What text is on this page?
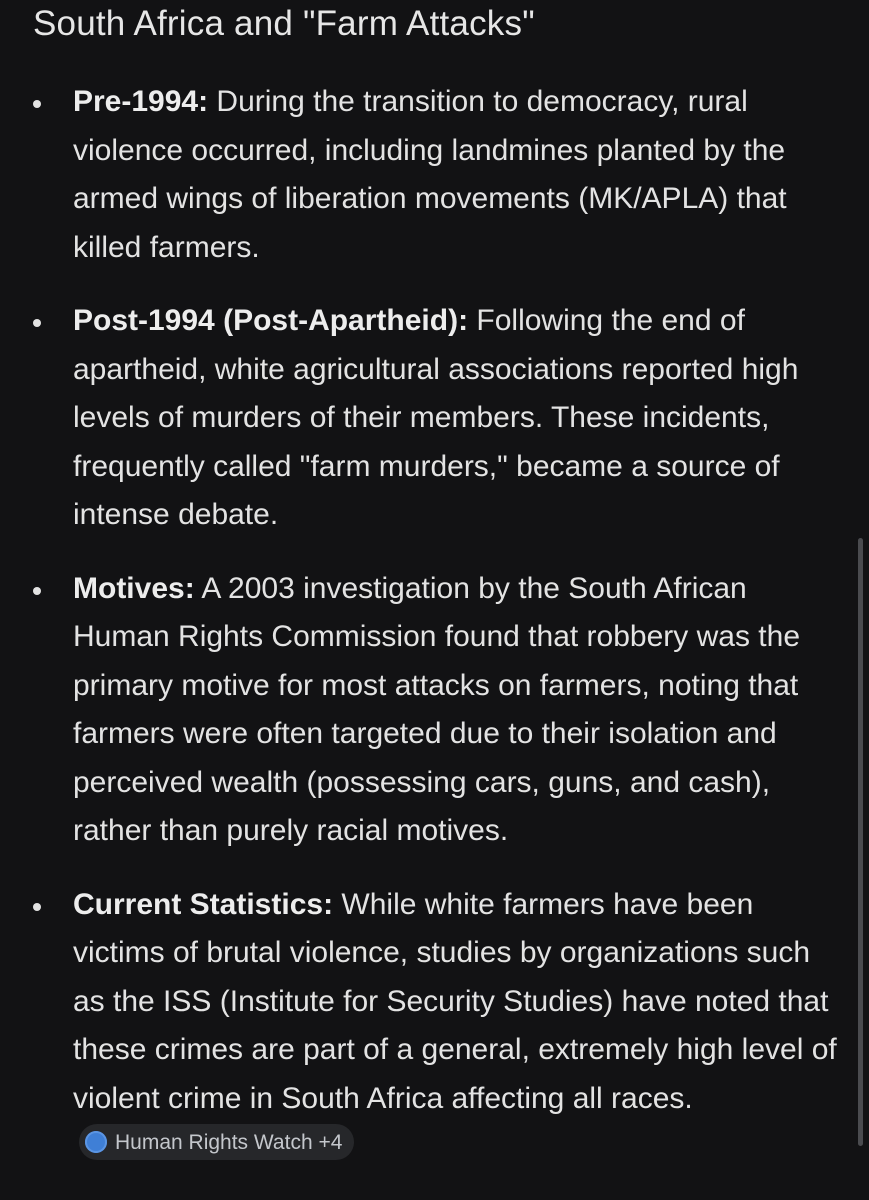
South Africa and "Farm Attacks"
Pre-1994: During the transition to democracy, rural violence occurred, including landmines planted by the armed wings of liberation movements (MK/APLA) that killed farmers.
Post-1994 (Post-Apartheid): Following the end of apartheid, white agricultural associations reported high levels of murders of their members. These incidents, frequently called "farm murders," became a source of intense debate.
Motives: A 2003 investigation by the South African Human Rights Commission found that robbery was the primary motive for most attacks on farmers, noting that farmers were often targeted due to their isolation and perceived wealth (possessing cars, guns, and cash), rather than purely racial motives.
Current Statistics: While white farmers have been victims of brutal violence, studies by organizations such as the ISS (Institute for Security Studies) have noted that these crimes are part of a general, extremely high level of violent crime in South Africa affecting all races.
Human Rights Watch +4
